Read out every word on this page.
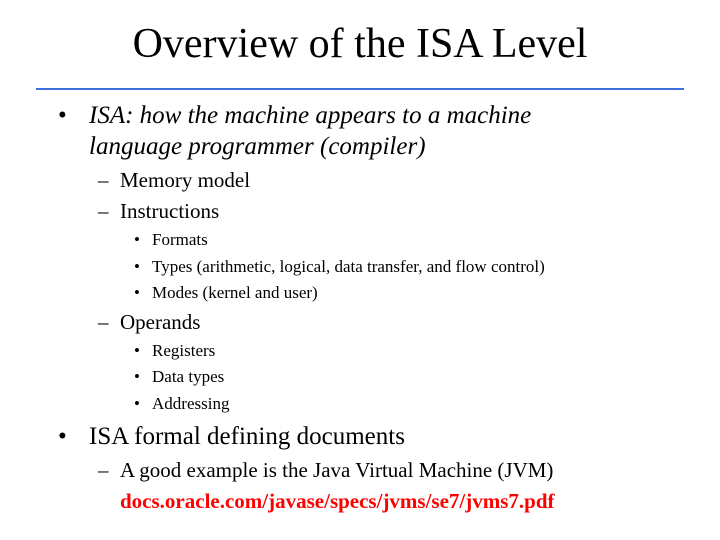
Overview of the ISA Level
• ISA: how the machine appears to a machine
language programmer (compiler)
– Memory model
– Instructions
• Formats
• Types (arithmetic, logical, data transfer, and flow control)
• Modes (kernel and user)
– Operands
• Registers
• Data types
• Addressing
• ISA formal defining documents
– A good example is the Java Virtual Machine (JVM)
docs.oracle.com/javase/specs/jvms/se7/jvms7.pdf
